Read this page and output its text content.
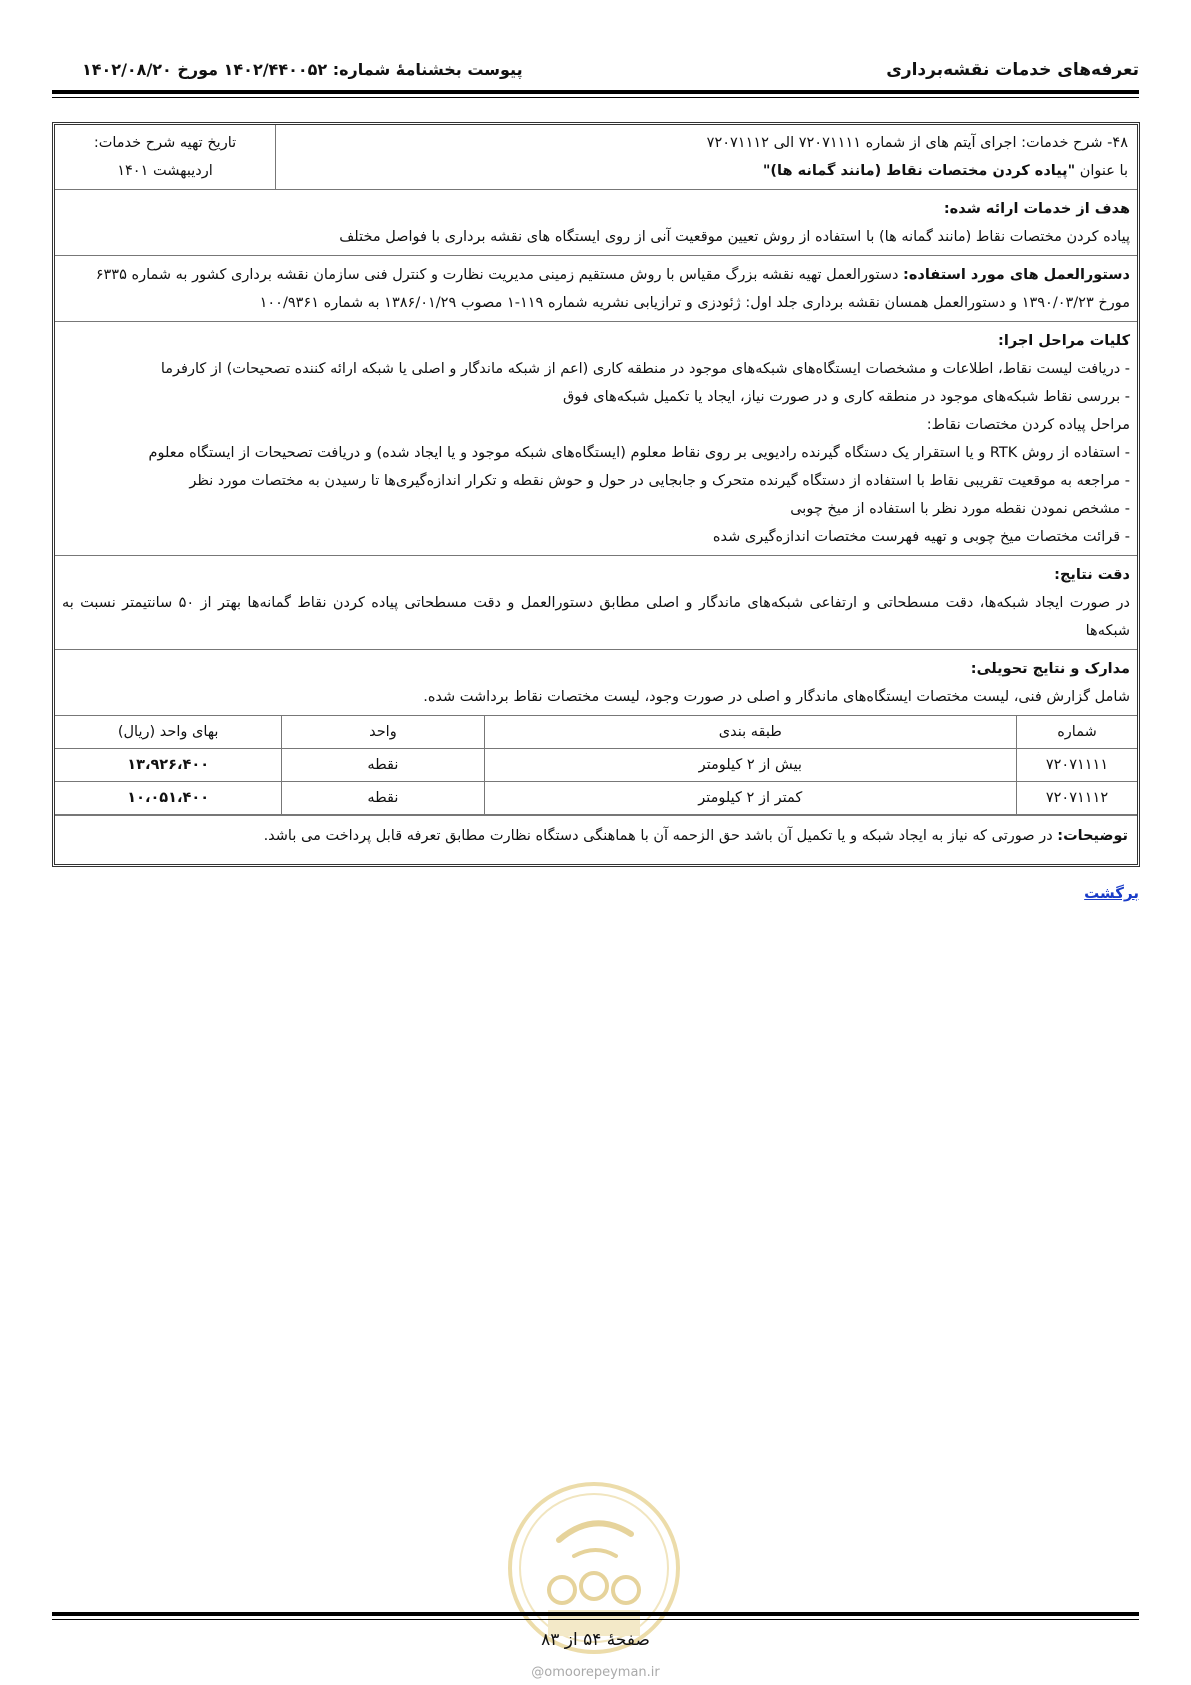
تعرفه‌های خدمات نقشه‌برداری
پیوست بخشنامهٔ شماره: ۱۴۰۲/۴۴۰۰۵۲ مورخ ۱۴۰۲/۰۸/۲۰
۴۸- شرح خدمات: اجرای آیتم های از شماره ۷۲۰۷۱۱۱۱ الی ۷۲۰۷۱۱۱۲
با عنوان "پیاده کردن مختصات نقاط (مانند گمانه ها)"
تاریخ تهیه شرح خدمات:
اردیبهشت ۱۴۰۱

هدف از خدمات ارائه شده:

پیاده کردن مختصات نقاط (مانند گمانه ها) با استفاده از روش تعیین موقعیت آنی از روی ایستگاه های نقشه برداری با فواصل مختلف

دستورالعمل های مورد استفاده: دستورالعمل تهیه نقشه بزرگ مقیاس با روش مستقیم زمینی مدیریت نظارت و کنترل فنی سازمان نقشه برداری کشور به شماره ۶۳۳۵ مورخ ۱۳۹۰/۰۳/۲۳ و دستورالعمل همسان نقشه برداری جلد اول: ژئودزی و ترازیابی نشریه شماره ۱۱۹-۱ مصوب ۱۳۸۶/۰۱/۲۹ به شماره ۱۰۰/۹۳۶۱

کلیات مراحل اجرا:

- دریافت لیست نقاط، اطلاعات و مشخصات ایستگاه‌های شبکه‌های موجود در منطقه کاری (اعم از شبکه ماندگار و اصلی یا شبکه ارائه کننده تصحیحات) از کارفرما

- بررسی نقاط شبکه‌های موجود در منطقه کاری و در صورت نیاز، ایجاد یا تکمیل شبکه‌های فوق

مراحل پیاده کردن مختصات نقاط:

- استفاده از روش RTK و یا استقرار یک دستگاه گیرنده رادیویی بر روی نقاط معلوم (ایستگاه‌های شبکه موجود و یا ایجاد شده) و دریافت تصحیحات از ایستگاه معلوم

- مراجعه به موقعیت تقریبی نقاط با استفاده از دستگاه گیرنده متحرک و جابجایی در حول و حوش نقطه و تکرار اندازه‌گیری‌ها تا رسیدن به مختصات مورد نظر

- مشخص نمودن نقطه مورد نظر با استفاده از میخ چوبی

- قرائت مختصات میخ چوبی و تهیه فهرست مختصات اندازه‌گیری شده

دقت نتایج:

در صورت ایجاد شبکه‌ها، دقت مسطحاتی و ارتفاعی شبکه‌های ماندگار و اصلی مطابق دستورالعمل و دقت مسطحاتی پیاده کردن نقاط گمانه‌ها بهتر از ۵۰ سانتیمتر نسبت به شبکه‌ها

مدارک و نتایج تحویلی:

شامل گزارش فنی، لیست مختصات ایستگاه‌های ماندگار و اصلی در صورت وجود، لیست مختصات نقاط برداشت شده.

شماره	طبقه بندی	واحد	بهای واحد (ریال)
۷۲۰۷۱۱۱۱	بیش از ۲ کیلومتر	نقطه	۱۳،۹۲۶،۴۰۰
۷۲۰۷۱۱۱۲	کمتر از ۲ کیلومتر	نقطه	۱۰،۰۵۱،۴۰۰
توضیحات: در صورتی که نیاز به ایجاد شبکه و یا تکمیل آن باشد حق الزحمه آن با هماهنگی دستگاه نظارت مطابق تعرفه قابل پرداخت می باشد.
برگشت
صفحهٔ ۵۴ از ۸۳
@omoorepeyman.ir
